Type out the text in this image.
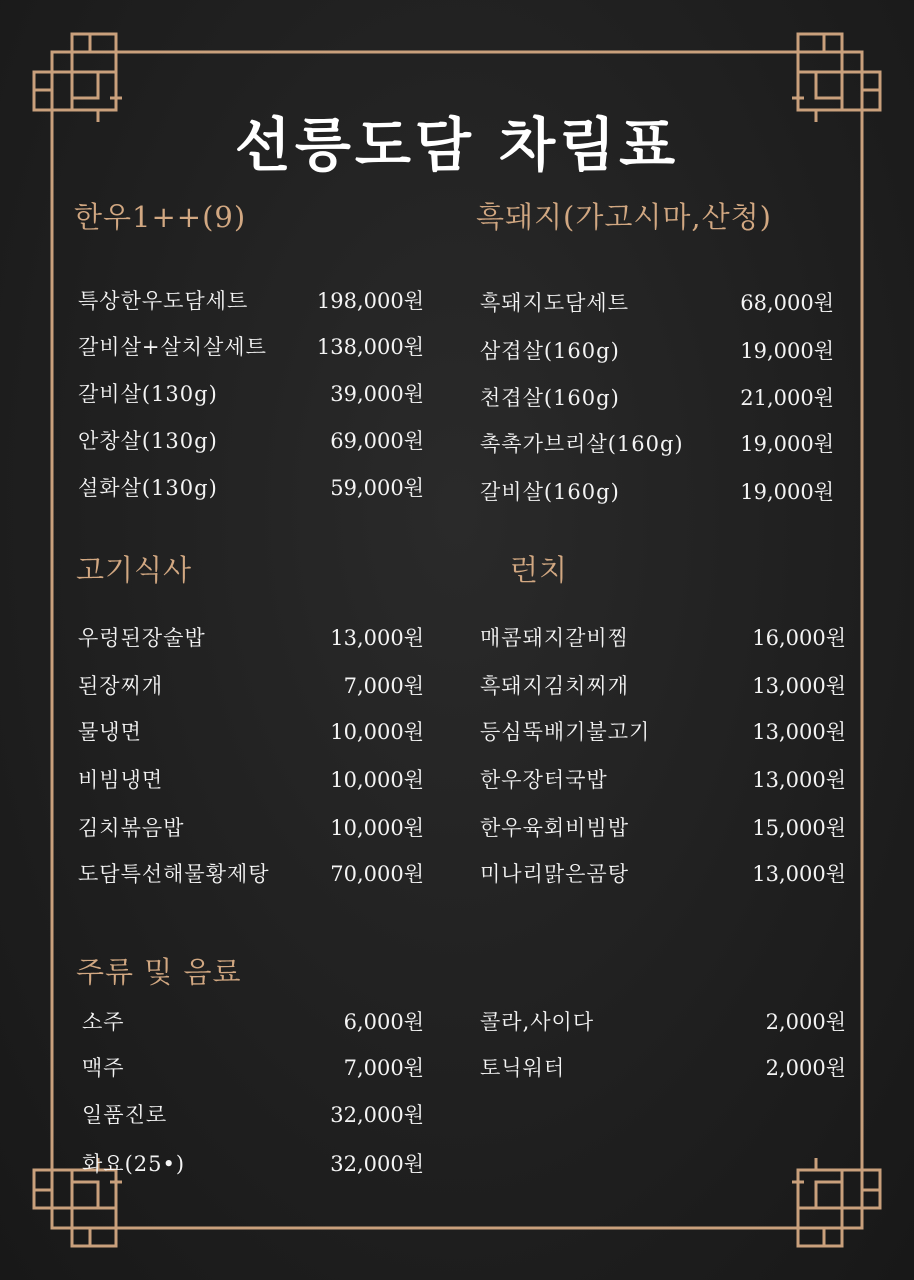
선릉도담 차림표
한우1++(9)
특상한우도담세트	198,000원
갈비살+살치살세트 138,000원
갈비살(130g)	39,000원
안창살(130g)	69,000원
설화살(130g)	59,000원
흑돼지(가고시마,산청)
흑돼지도담세트	68,000원
삼겹살(160g)	19,000원
천겹살(160g)	21,000원
촉촉가브리살(160g)	19,000원
갈비살(160g)	19,000원
고기식사
우렁된장술밥	13,000원
된장찌개	7,000원
물냉면	10,000원
비빔냉면	10,000원
김치볶음밥	10,000원
도담특선해물황제탕	70,000원
런치
매콤돼지갈비찜	16,000원
흑돼지김치찌개	13,000원
등심뚝배기불고기	13,000원
한우장터국밥	13,000원
한우육회비빔밥	15,000원
미나리맑은곰탕	13,000원
주류 및 음료
소주	6,000원
맥주	7,000원
일품진로	32,000원
화요(25•)	32,000원
콜라,사이다	2,000원
토닉워터	2,000원
